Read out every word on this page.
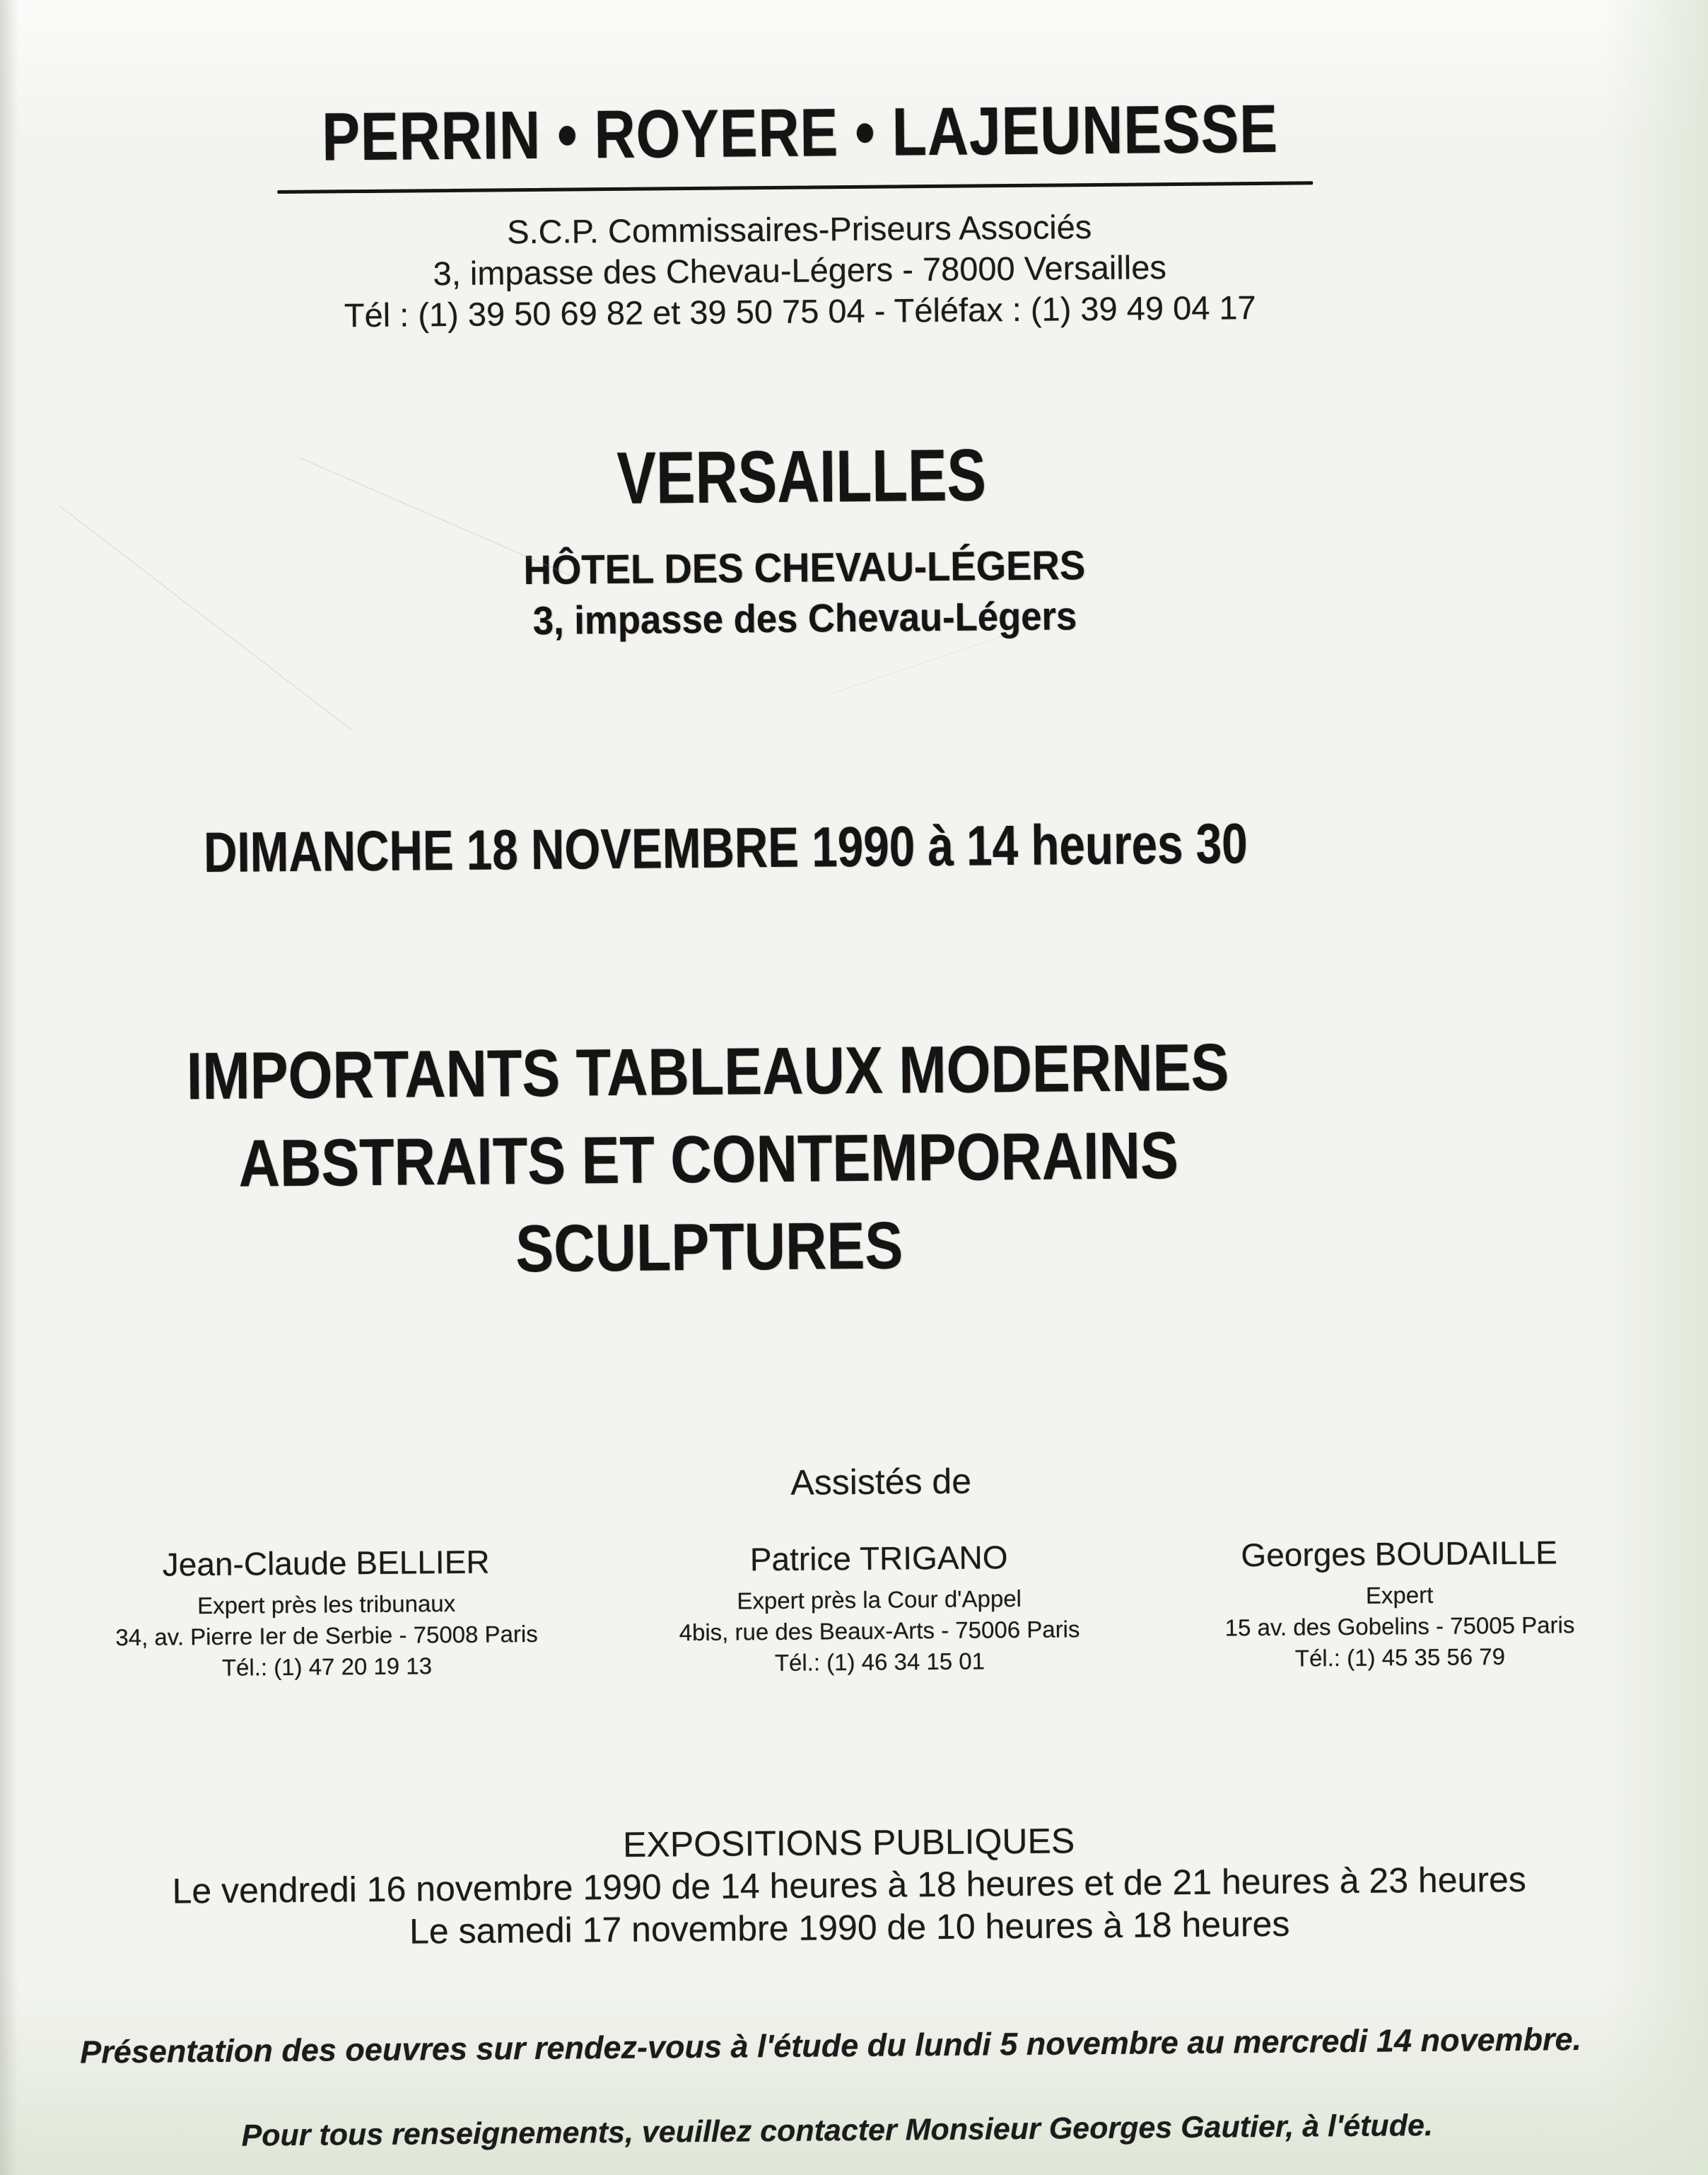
PERRIN • ROYERE • LAJEUNESSE
S.C.P. Commissaires-Priseurs Associés
3, impasse des Chevau-Légers - 78000 Versailles
Tél : (1) 39 50 69 82 et 39 50 75 04 - Téléfax : (1) 39 49 04 17
VERSAILLES
HÔTEL DES CHEVAU-LÉGERS
3, impasse des Chevau-Légers
DIMANCHE 18 NOVEMBRE 1990 à 14 heures 30
IMPORTANTS TABLEAUX MODERNES
ABSTRAITS ET CONTEMPORAINS
SCULPTURES
Assistés de
Jean-Claude BELLIER
Expert près les tribunaux
34, av. Pierre Ier de Serbie - 75008 Paris
Tél.: (1) 47 20 19 13
Patrice TRIGANO
Expert près la Cour d'Appel
4bis, rue des Beaux-Arts - 75006 Paris
Tél.: (1) 46 34 15 01
Georges BOUDAILLE
Expert
15 av. des Gobelins - 75005 Paris
Tél.: (1) 45 35 56 79
EXPOSITIONS PUBLIQUES
Le vendredi 16 novembre 1990 de 14 heures à 18 heures et de 21 heures à 23 heures
Le samedi 17 novembre 1990 de 10 heures à 18 heures
Présentation des oeuvres sur rendez-vous à l'étude du lundi 5 novembre au mercredi 14 novembre.
Pour tous renseignements, veuillez contacter Monsieur Georges Gautier, à l'étude.
